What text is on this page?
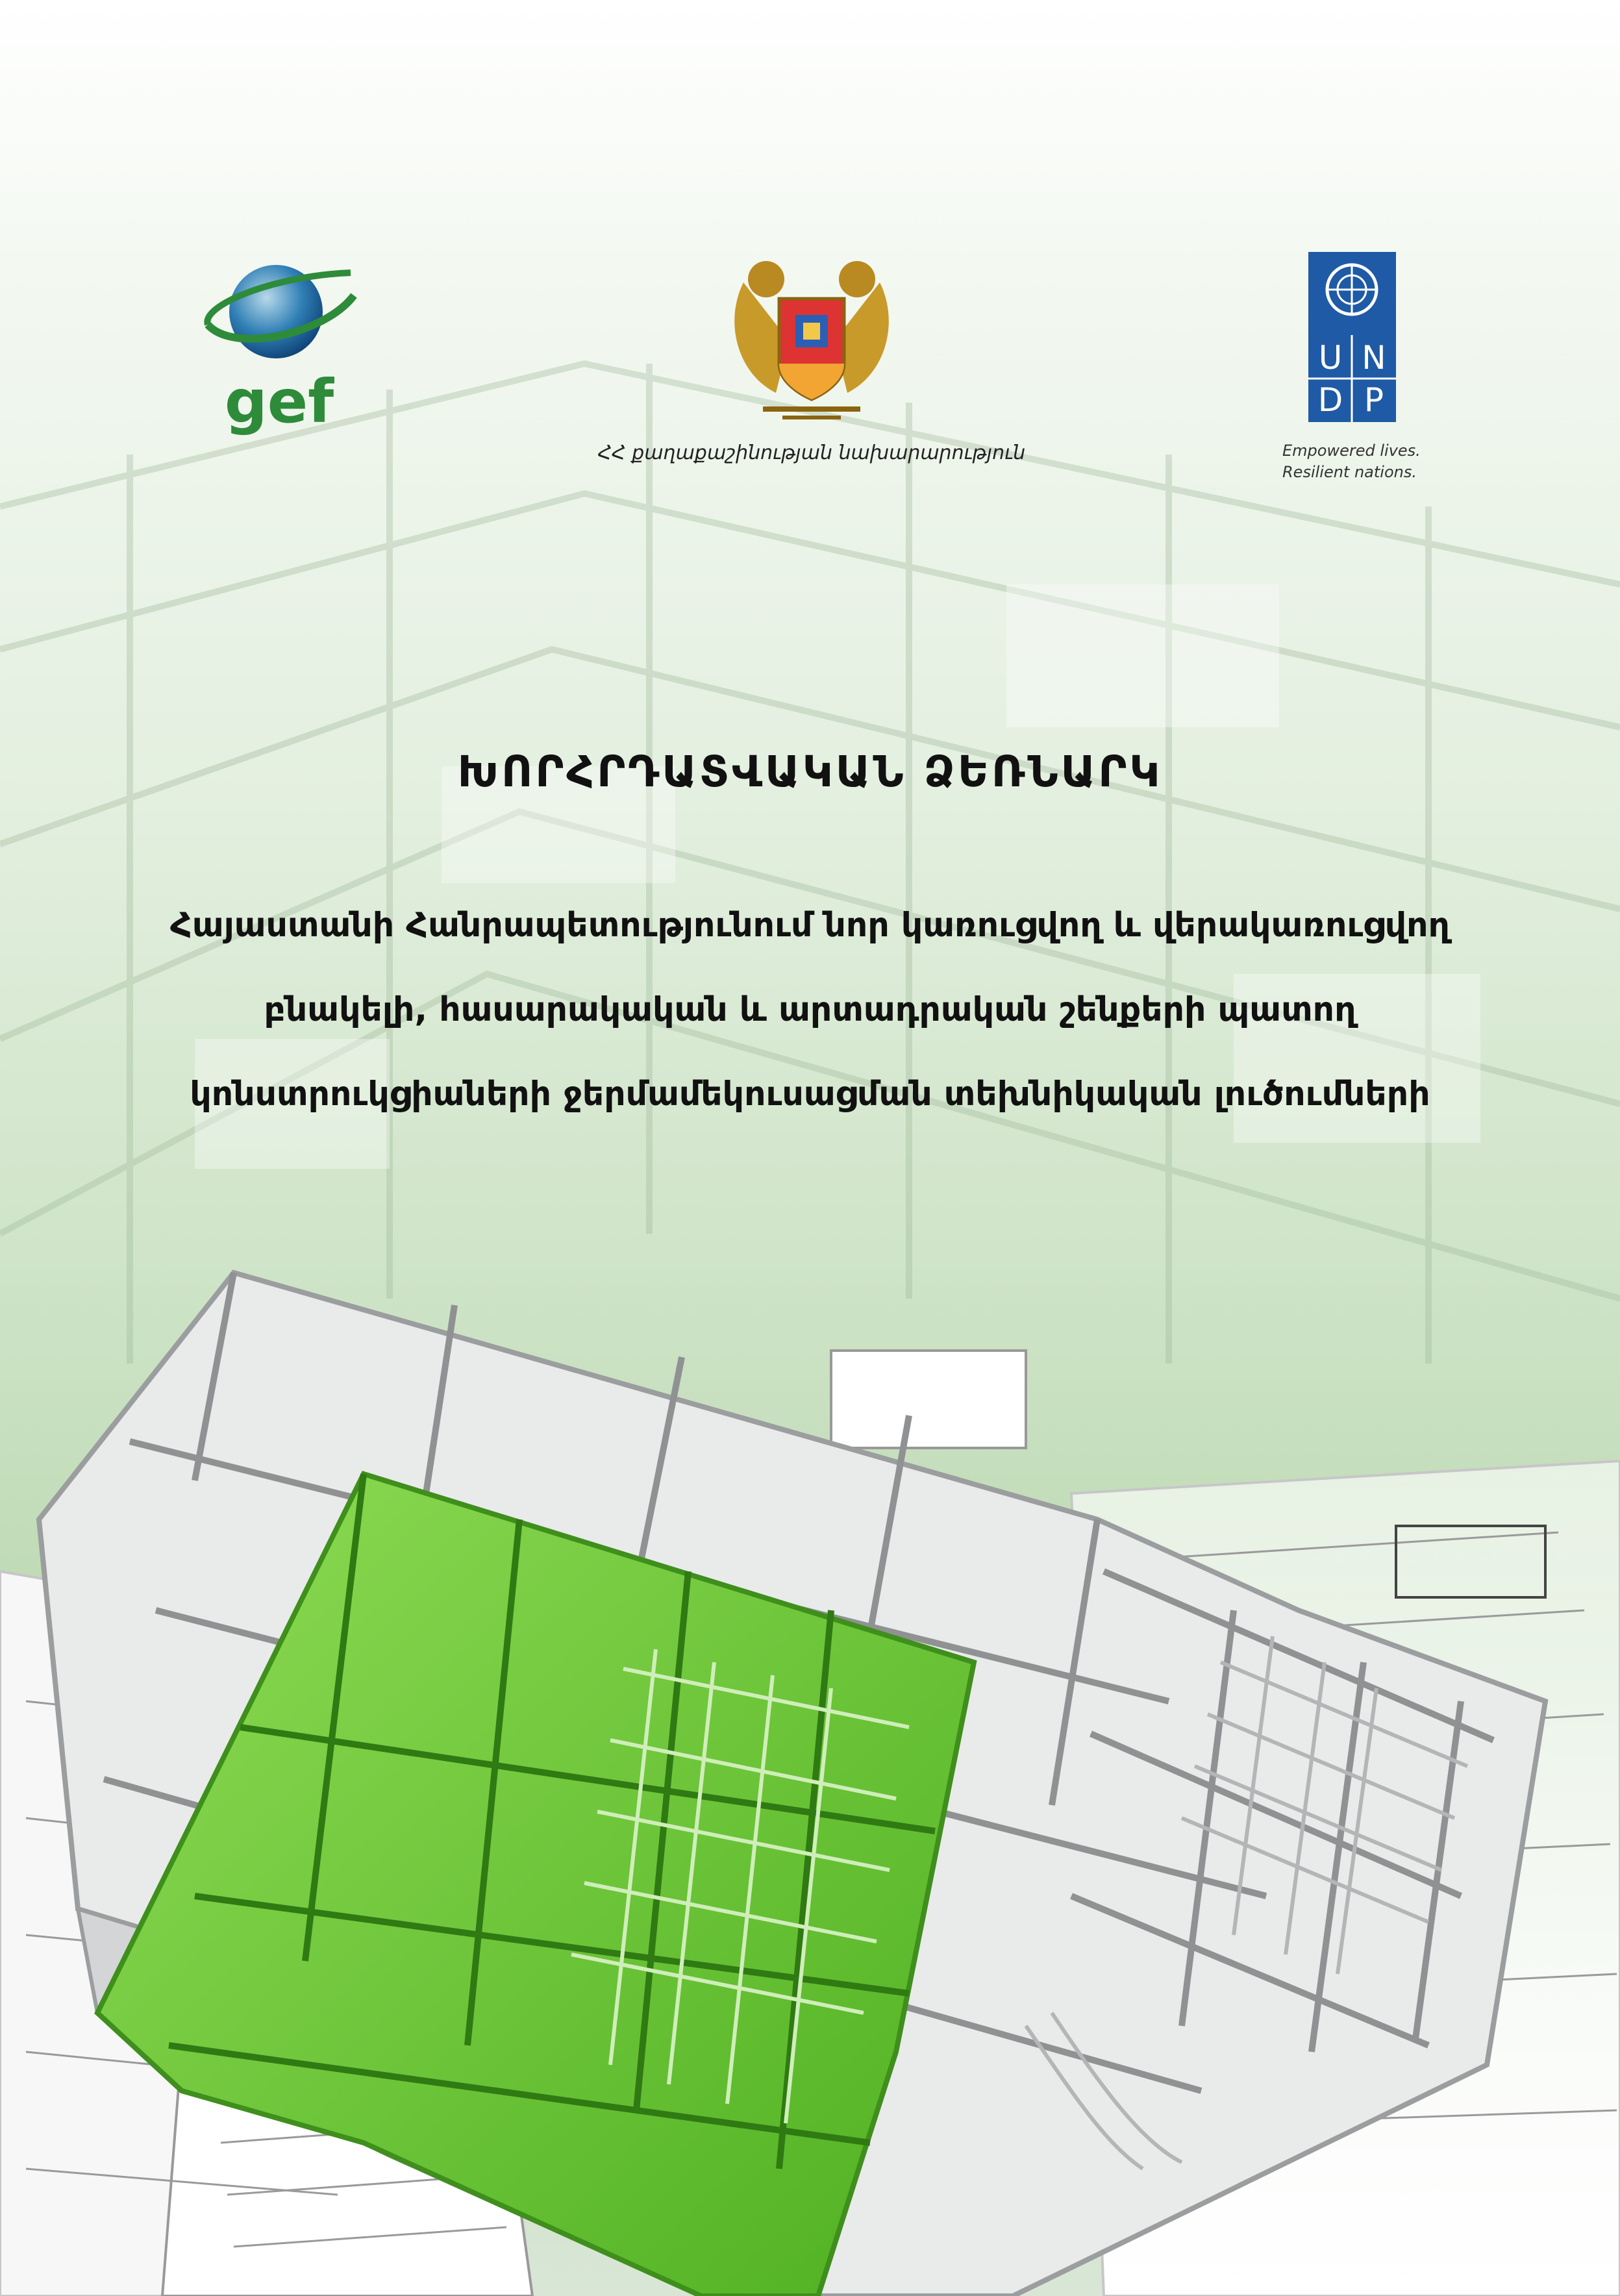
gef
U N
D P
ՀՀ քաղաքաշինության նախարարություն	Empowered lives.
Resilient nations.
ԽՈՐՀՐԴԱՏՎԱԿԱՆ ՁԵՌՆԱՐԿ
Հայաստանի Հանրապետությունում նոր կառուցվող և վերակառուցվող
բնակելի, հասարակական և արտադրական շենքերի պատող
կոնստրուկցիաների ջերմամեկուսացման տեխնիկական լուծումների
